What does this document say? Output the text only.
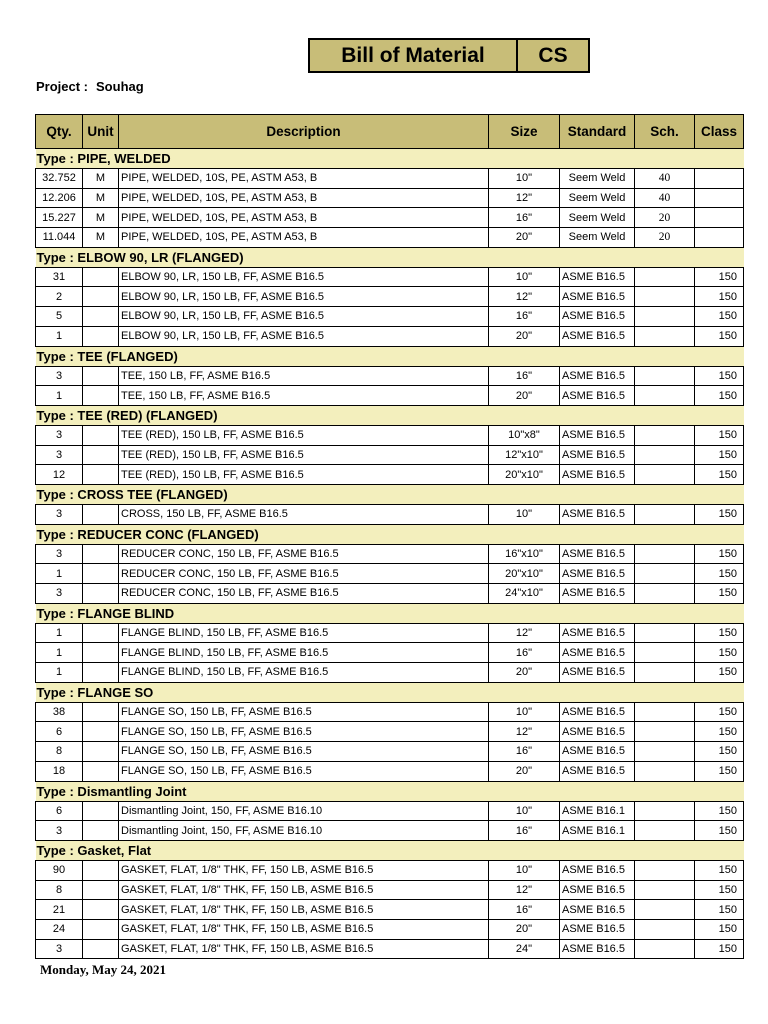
Bill of Material	CS
Project : Souhag
Qty.	Unit	Description	Size	Standard	Sch.	Class
Type : PIPE, WELDED						
32.752	M	PIPE, WELDED, 10S, PE, ASTM A53, B	10"	Seem Weld	40	
12.206	M	PIPE, WELDED, 10S, PE, ASTM A53, B	12"	Seem Weld	40	
15.227	M	PIPE, WELDED, 10S, PE, ASTM A53, B	16"	Seem Weld	20	
11.044	M	PIPE, WELDED, 10S, PE, ASTM A53, B	20"	Seem Weld	20	
Type : ELBOW 90, LR (FLANGED)						
31		ELBOW 90, LR, 150 LB, FF, ASME B16.5	10"	ASME B16.5		150
2		ELBOW 90, LR, 150 LB, FF, ASME B16.5	12"	ASME B16.5		150
5		ELBOW 90, LR, 150 LB, FF, ASME B16.5	16"	ASME B16.5		150
1		ELBOW 90, LR, 150 LB, FF, ASME B16.5	20"	ASME B16.5		150
Type : TEE (FLANGED)						
3		TEE, 150 LB, FF, ASME B16.5	16"	ASME B16.5		150
1		TEE, 150 LB, FF, ASME B16.5	20"	ASME B16.5		150
Type : TEE (RED) (FLANGED)						
3		TEE (RED), 150 LB, FF, ASME B16.5	10"x8"	ASME B16.5		150
3		TEE (RED), 150 LB, FF, ASME B16.5	12"x10"	ASME B16.5		150
12		TEE (RED), 150 LB, FF, ASME B16.5	20"x10"	ASME B16.5		150
Type : CROSS TEE (FLANGED)						
3		CROSS, 150 LB, FF, ASME B16.5	10"	ASME B16.5		150
Type : REDUCER CONC (FLANGED)						
3		REDUCER CONC, 150 LB, FF, ASME B16.5	16"x10"	ASME B16.5		150
1		REDUCER CONC, 150 LB, FF, ASME B16.5	20"x10"	ASME B16.5		150
3		REDUCER CONC, 150 LB, FF, ASME B16.5	24"x10"	ASME B16.5		150
Type : FLANGE BLIND						
1		FLANGE BLIND, 150 LB, FF, ASME B16.5	12"	ASME B16.5		150
1		FLANGE BLIND, 150 LB, FF, ASME B16.5	16"	ASME B16.5		150
1		FLANGE BLIND, 150 LB, FF, ASME B16.5	20"	ASME B16.5		150
Type : FLANGE SO						
38		FLANGE SO, 150 LB, FF, ASME B16.5	10"	ASME B16.5		150
6		FLANGE SO, 150 LB, FF, ASME B16.5	12"	ASME B16.5		150
8		FLANGE SO, 150 LB, FF, ASME B16.5	16"	ASME B16.5		150
18		FLANGE SO, 150 LB, FF, ASME B16.5	20"	ASME B16.5		150
Type : Dismantling Joint						
6		Dismantling Joint, 150, FF, ASME B16.10	10"	ASME B16.1		150
3		Dismantling Joint, 150, FF, ASME B16.10	16"	ASME B16.1		150
Type : Gasket, Flat						
90		GASKET, FLAT, 1/8" THK, FF, 150 LB, ASME B16.5	10"	ASME B16.5		150
8		GASKET, FLAT, 1/8" THK, FF, 150 LB, ASME B16.5	12"	ASME B16.5		150
21		GASKET, FLAT, 1/8" THK, FF, 150 LB, ASME B16.5	16"	ASME B16.5		150
24		GASKET, FLAT, 1/8" THK, FF, 150 LB, ASME B16.5	20"	ASME B16.5		150
3		GASKET, FLAT, 1/8" THK, FF, 150 LB, ASME B16.5	24"	ASME B16.5		150
Monday, May 24, 2021
